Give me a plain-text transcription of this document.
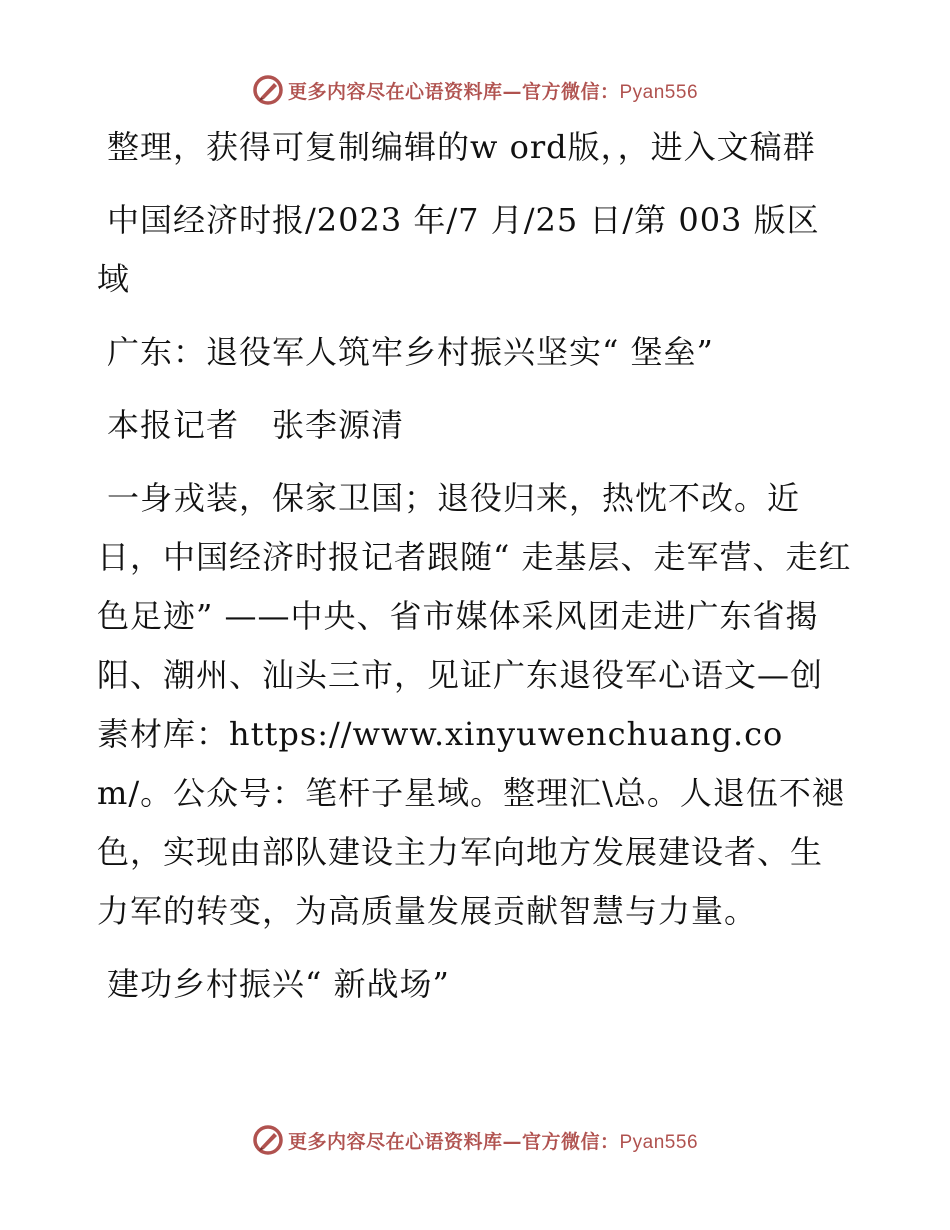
更多内容尽在心语资料库—官方微信：Pyan556

整理，获得可复制编辑的w ord版，，进入文稿群

中国经济时报/2023 年/7 月/25 日/第 003 版区域

广东：退役军人筑牢乡村振兴坚实“ 堡垒”

本报记者　张李源清

一身戎装，保家卫国；退役归来，热忱不改。近日，中国经济时报记者跟随“ 走基层、走军营、走红色足迹” ——中央、省市媒体采风团走进广东省揭阳、潮州、汕头三市，见证广东退役军心语文—创素材库：https://www.xinyuwenchuang.com/。公众号：笔杆子星域。整理汇\总。人退伍不褪色，实现由部队建设主力军向地方发展建设者、生力军的转变，为高质量发展贡献智慧与力量。

建功乡村振兴“ 新战场”

更多内容尽在心语资料库—官方微信：Pyan556
